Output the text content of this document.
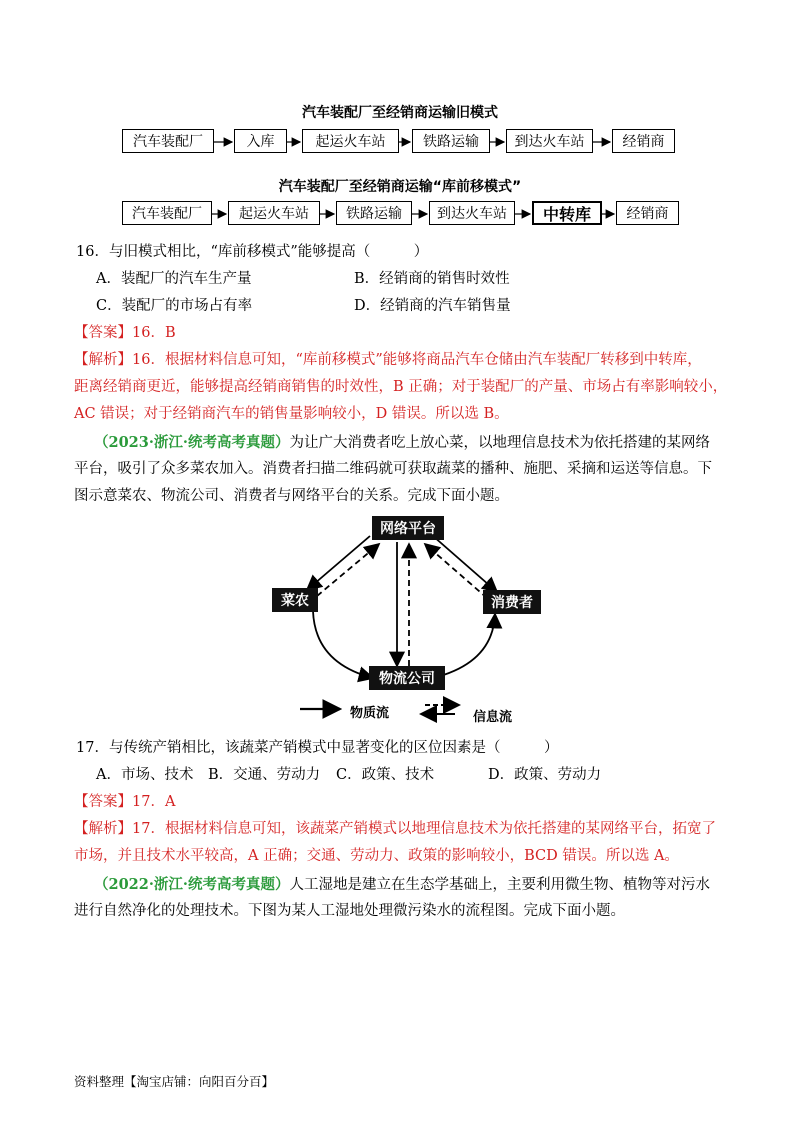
汽车装配厂至经销商运输旧模式
汽车装配厂	入库	起运火车站	铁路运输	到达火车站	经销商
汽车装配厂至经销商运输“库前移模式”
汽车装配厂	起运火车站	铁路运输	到达火车站	中转库	经销商
16．与旧模式相比，“库前移模式”能够提高（　　　）
A．装配厂的汽车生产量	B．经销商的销售时效性
C．装配厂的市场占有率	D．经销商的汽车销售量
【答案】16．B
【解析】16．根据材料信息可知，“库前移模式”能够将商品汽车仓储由汽车装配厂转移到中转库，
距离经销商更近，能够提高经销商销售的时效性，B 正确；对于装配厂的产量、市场占有率影响较小，
AC 错误；对于经销商汽车的销售量影响较小，D 错误。所以选 B。
（2023·浙江·统考高考真题）为让广大消费者吃上放心菜，以地理信息技术为依托搭建的某网络
平台，吸引了众多菜农加入。消费者扫描二维码就可获取蔬菜的播种、施肥、采摘和运送等信息。下
图示意菜农、物流公司、消费者与网络平台的关系。完成下面小题。
网络平台
菜农	消费者
物流公司
物质流	信息流
17．与传统产销相比，该蔬菜产销模式中显著变化的区位因素是（　　　）
A．市场、技术 B．交通、劳动力 C．政策、技术	D．政策、劳动力
【答案】17．A
【解析】17．根据材料信息可知，该蔬菜产销模式以地理信息技术为依托搭建的某网络平台，拓宽了
市场，并且技术水平较高，A 正确；交通、劳动力、政策的影响较小，BCD 错误。所以选 A。
（2022·浙江·统考高考真题）人工湿地是建立在生态学基础上，主要利用微生物、植物等对污水
进行自然净化的处理技术。下图为某人工湿地处理微污染水的流程图。完成下面小题。
资料整理【淘宝店铺：向阳百分百】
